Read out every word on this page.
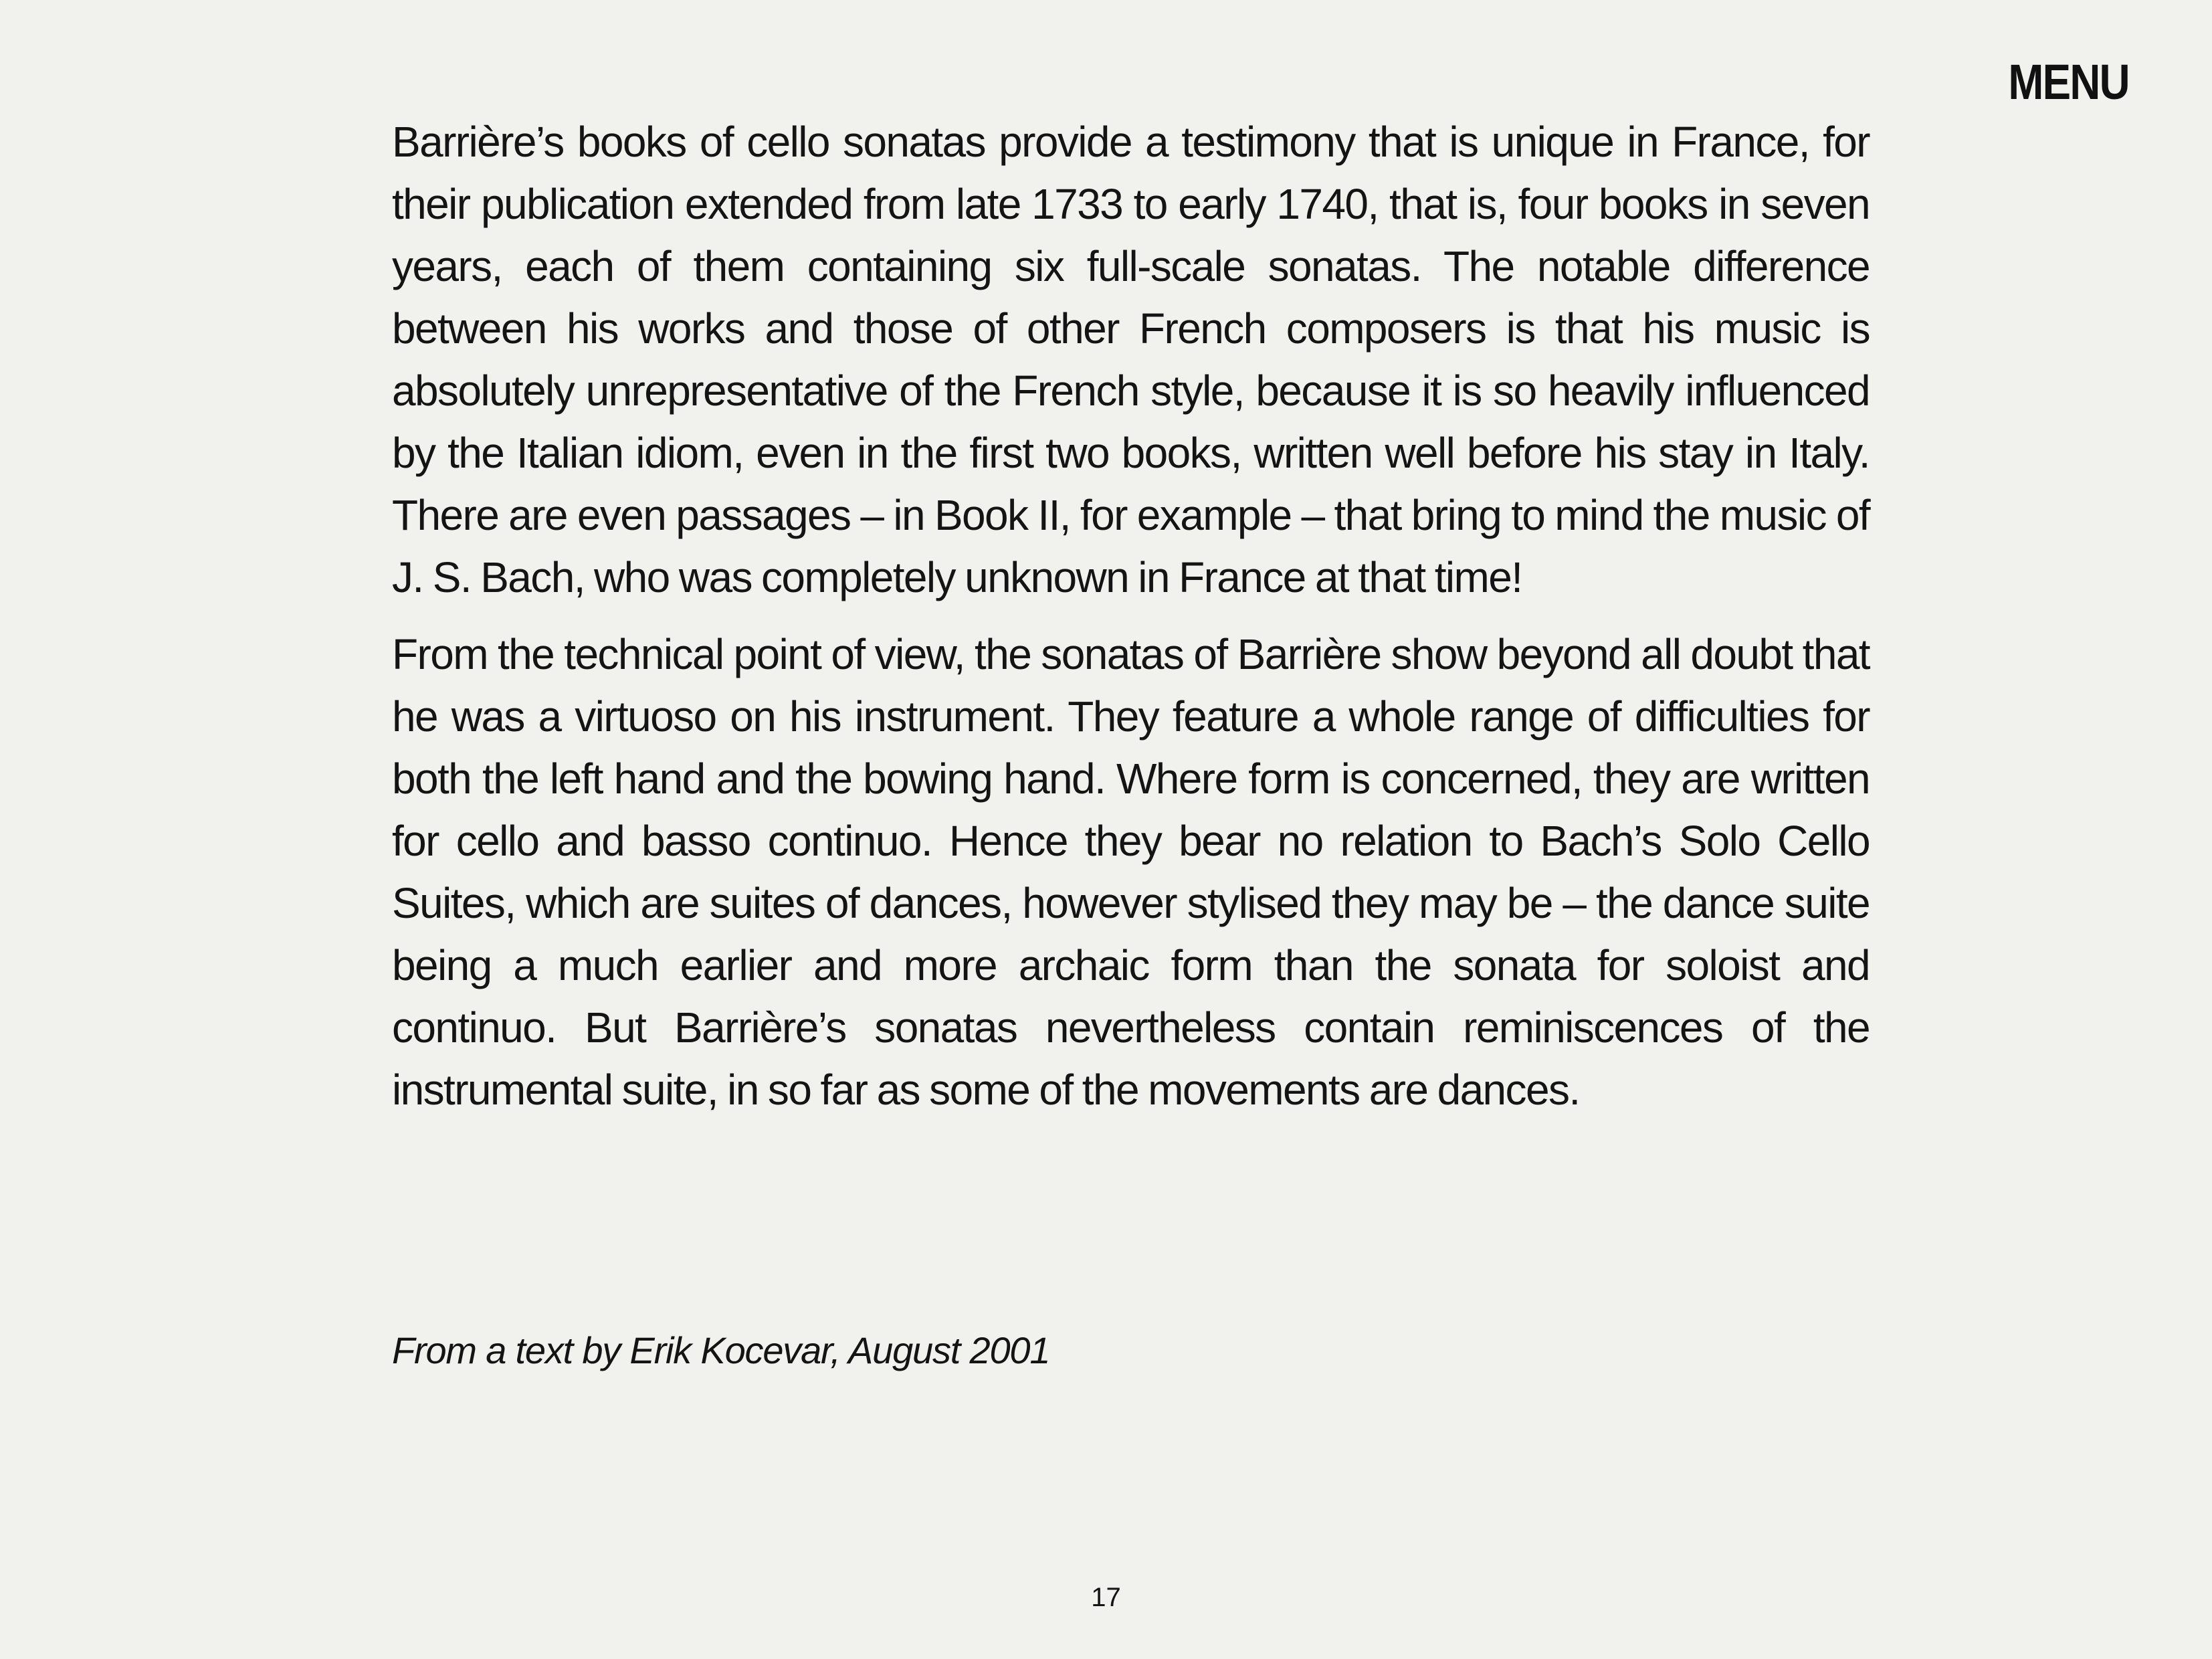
MENU

Barrière’s books of cello sonatas provide a testimony that is unique in France, for their publication extended from late 1733 to early 1740, that is, four books in seven years, each of them containing six full-scale sonatas. The notable difference between his works and those of other French composers is that his music is absolutely unrepresentative of the French style, because it is so heavily influenced by the Italian idiom, even in the first two books, written well before his stay in Italy. There are even passages – in Book II, for example – that bring to mind the music of J. S. Bach, who was completely unknown in France at that time!

From the technical point of view, the sonatas of Barrière show beyond all doubt that he was a virtuoso on his instrument. They feature a whole range of difficulties for both the left hand and the bowing hand. Where form is concerned, they are written for cello and basso continuo. Hence they bear no relation to Bach’s Solo Cello Suites, which are suites of dances, however stylised they may be – the dance suite being a much earlier and more archaic form than the sonata for soloist and continuo. But Barrière’s sonatas nevertheless contain reminiscences of the instrumental suite, in so far as some of the movements are dances.

From a text by Erik Kocevar, August 2001
17
